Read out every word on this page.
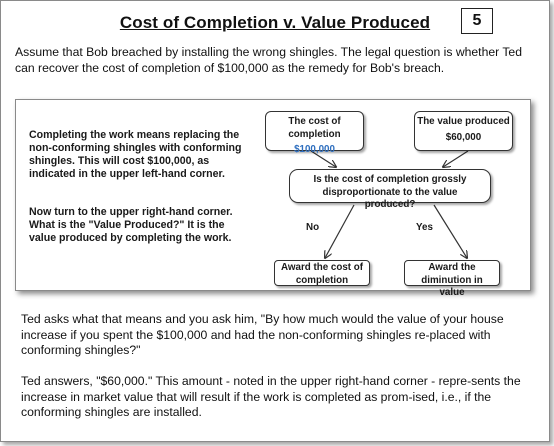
Cost of Completion v. Value Produced	5
Assume that Bob breached by installing the wrong shingles. The legal question is whether Ted can recover the cost of completion of $100,000 as the remedy for Bob's breach.
Completing the work means replacing the non-conforming shingles with conforming shingles. This will cost $100,000, as indicated in the upper left-hand corner.
Now turn to the upper right-hand corner. What is the "Value Produced?" It is the value produced by completing the work.
The cost of completion
$100,000
The value produced
$60,000
Is the cost of completion grossly disproportionate to the value produced?
No	Yes
Award the cost of completion
Award the diminution in value
Ted asks what that means and you ask him, "By how much would the value of your house increase if you spent the $100,000 and had the non-conforming shingles re-placed with conforming shingles?"
Ted answers, "$60,000." This amount - noted in the upper right-hand corner - repre-sents the increase in market value that will result if the work is completed as prom-ised, i.e., if the conforming shingles are installed.
